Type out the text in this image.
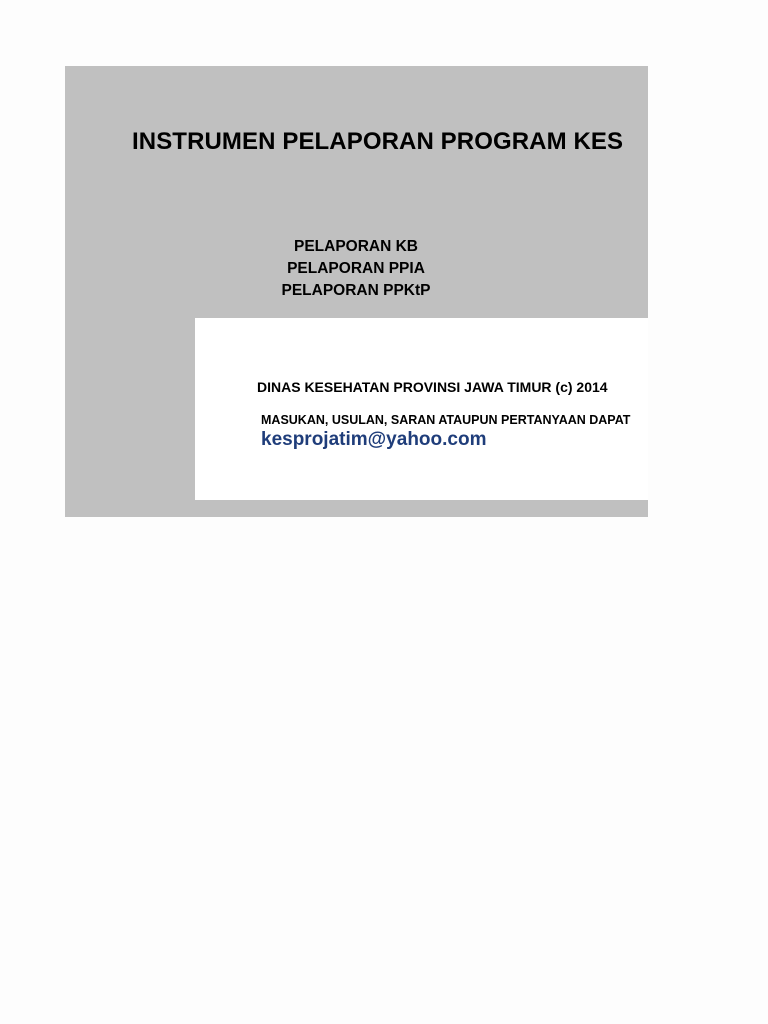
INSTRUMEN PELAPORAN PROGRAM KES
PELAPORAN KB
PELAPORAN PPIA
PELAPORAN PPKtP
DINAS KESEHATAN PROVINSI JAWA TIMUR (c) 2014
MASUKAN, USULAN, SARAN ATAUPUN PERTANYAAN DAPAT
kesprojatim@yahoo.com
